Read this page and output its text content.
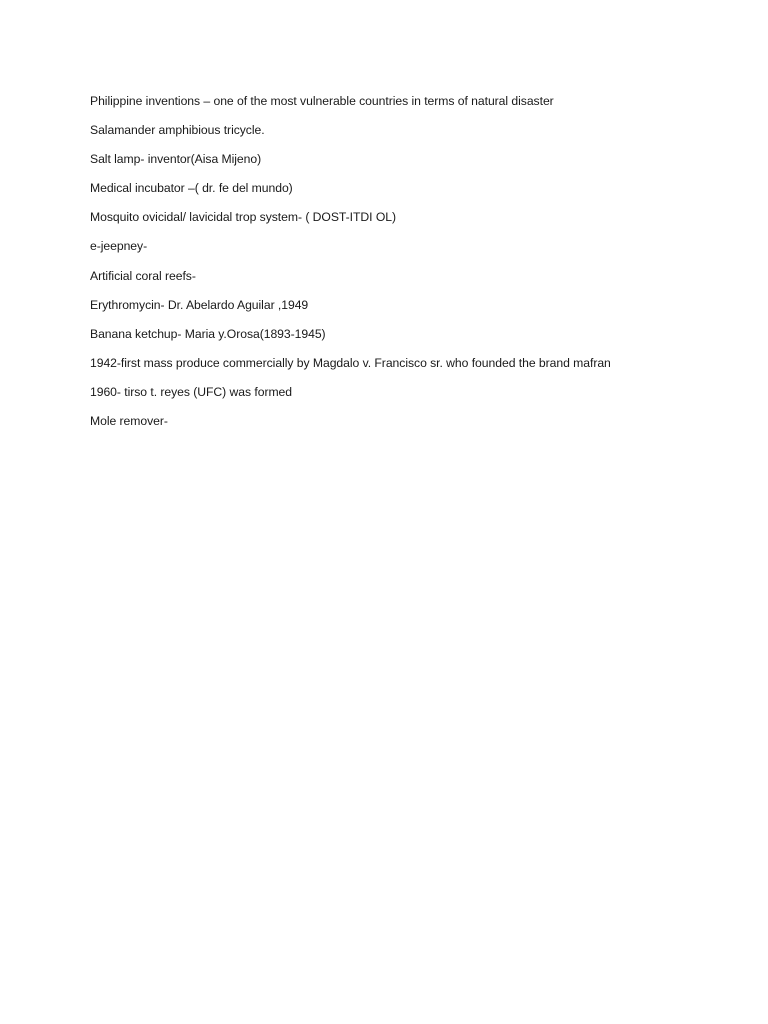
Philippine inventions – one of the most vulnerable countries in terms of natural disaster

Salamander amphibious tricycle.

Salt lamp- inventor(Aisa Mijeno)

Medical incubator –( dr. fe del mundo)

Mosquito ovicidal/ lavicidal trop system- ( DOST-ITDI OL)

e-jeepney-

Artificial coral reefs-

Erythromycin- Dr. Abelardo Aguilar ,1949

Banana ketchup- Maria y.Orosa(1893-1945)

1942-first mass produce commercially by Magdalo v. Francisco sr. who founded the brand mafran

1960- tirso t. reyes (UFC) was formed

Mole remover-
